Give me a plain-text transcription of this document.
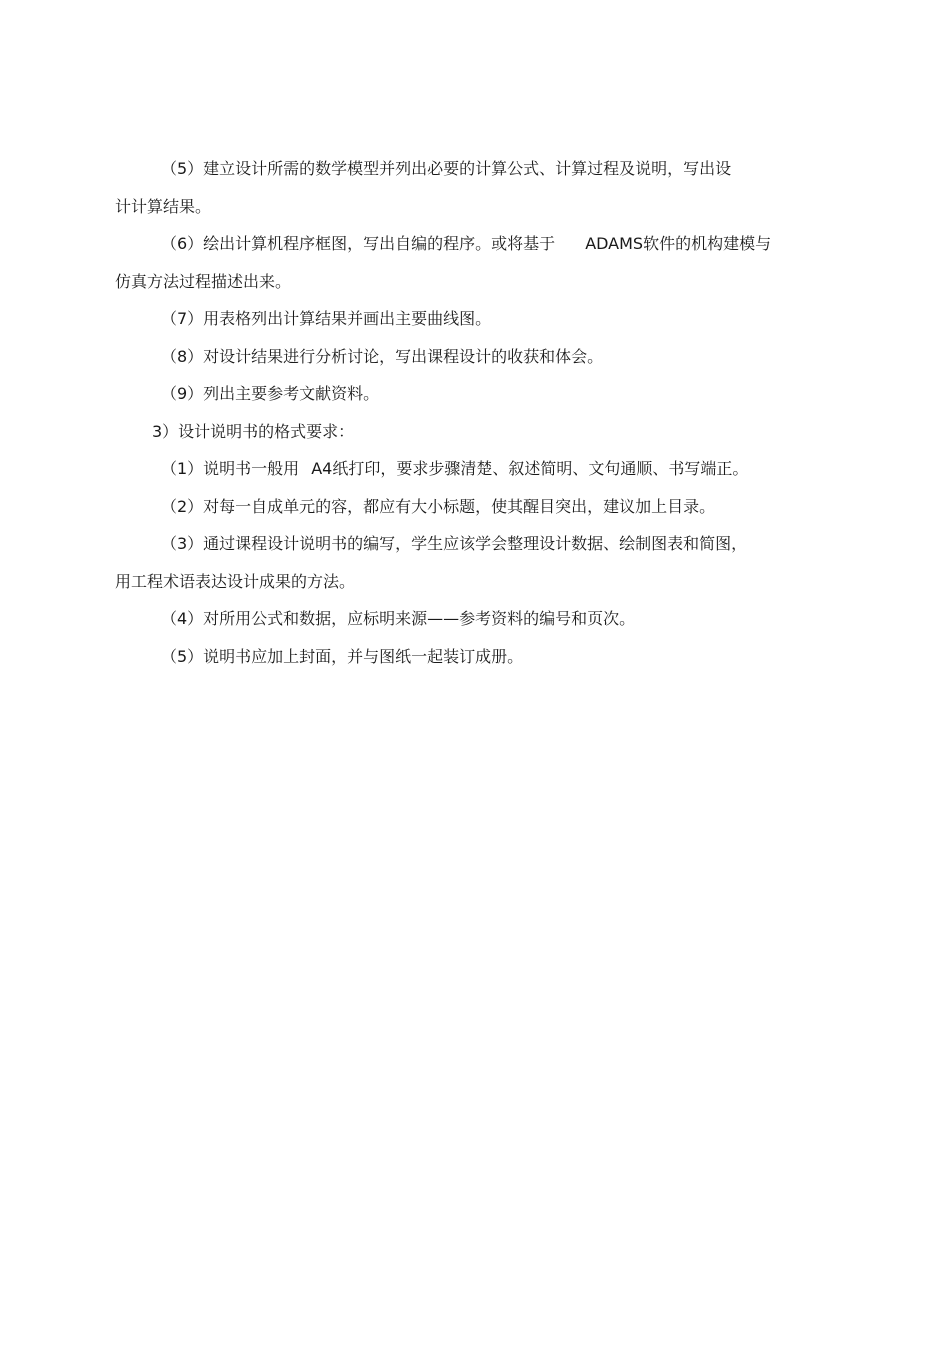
（5）建立设计所需的数学模型并列出必要的计算公式、计算过程及说明，写出设
计计算结果。
（6）绘出计算机程序框图，写出自编的程序。或将基于 ADAMS软件的机构建模与
仿真方法过程描述出来。
（7）用表格列出计算结果并画出主要曲线图。
（8）对设计结果进行分析讨论，写出课程设计的收获和体会。
（9）列出主要参考文献资料。
3）设计说明书的格式要求：
（1）说明书一般用 A4纸打印，要求步骤清楚、叙述简明、文句通顺、书写端正。
（2）对每一自成单元的容，都应有大小标题，使其醒目突出，建议加上目录。
（3）通过课程设计说明书的编写，学生应该学会整理设计数据、绘制图表和简图，
用工程术语表达设计成果的方法。
（4）对所用公式和数据，应标明来源——参考资料的编号和页次。
（5）说明书应加上封面，并与图纸一起装订成册。
